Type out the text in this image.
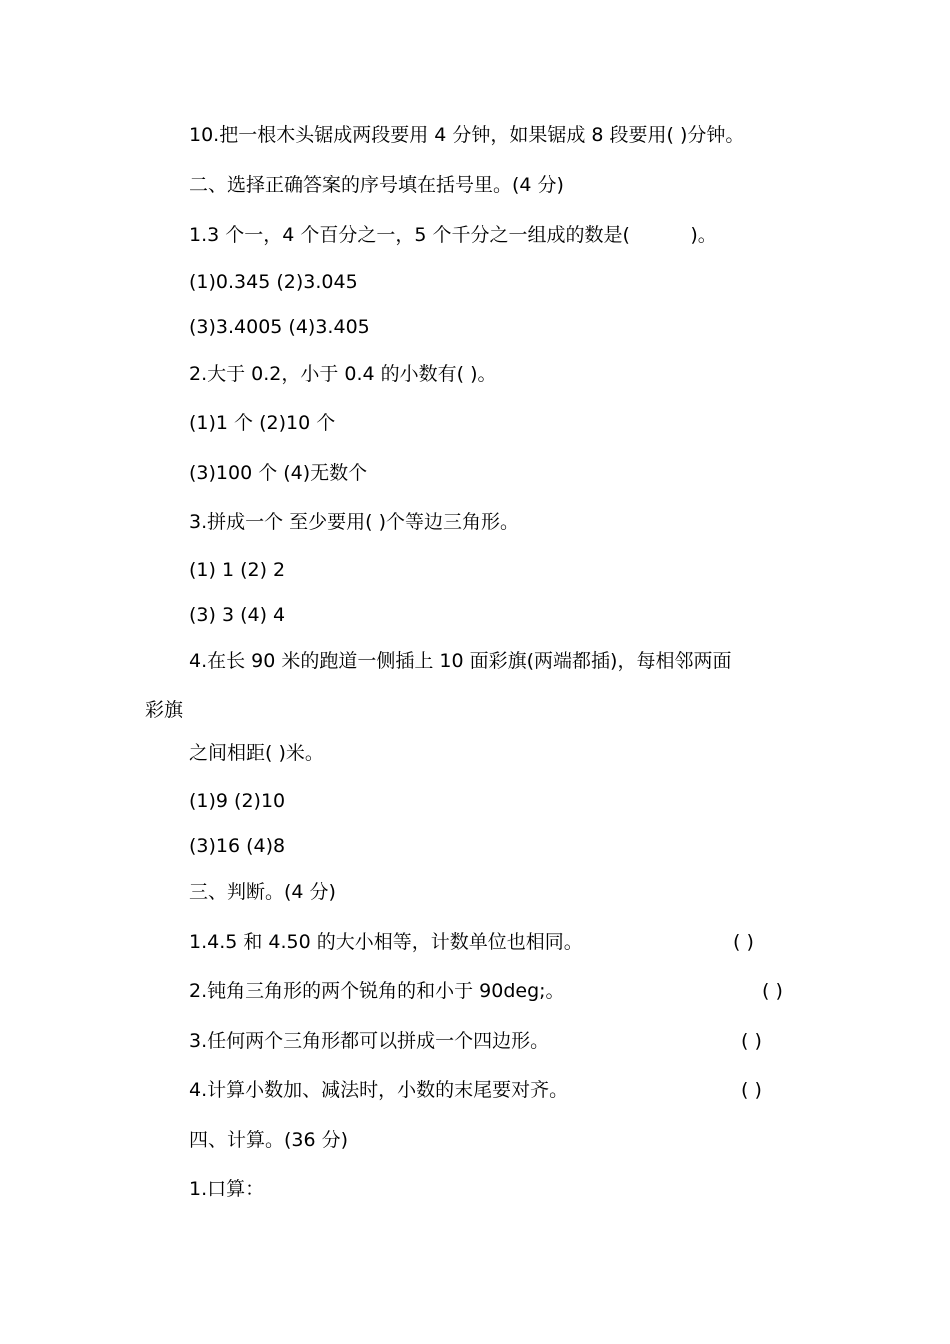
10.把一根木头锯成两段要用 4 分钟，如果锯成 8 段要用( )分钟。
二、选择正确答案的序号填在括号里。(4 分)
1.3 个一，4 个百分之一，5 个千分之一组成的数是(          )。
(1)0.345 (2)3.045
(3)3.4005 (4)3.405
2.大于 0.2，小于 0.4 的小数有( )。
(1)1 个 (2)10 个
(3)100 个 (4)无数个
3.拼成一个 至少要用( )个等边三角形。
(1) 1 (2) 2
(3) 3 (4) 4
4.在长 90 米的跑道一侧插上 10 面彩旗(两端都插)，每相邻两面
彩旗
之间相距( )米。
(1)9 (2)10
(3)16 (4)8
三、判断。(4 分)
1.4.5 和 4.50 的大小相等，计数单位也相同。	( )
2.钝角三角形的两个锐角的和小于 90deg;。	( )
3.任何两个三角形都可以拼成一个四边形。	( )
4.计算小数加、减法时，小数的末尾要对齐。	( )
四、计算。(36 分)
1.口算：
